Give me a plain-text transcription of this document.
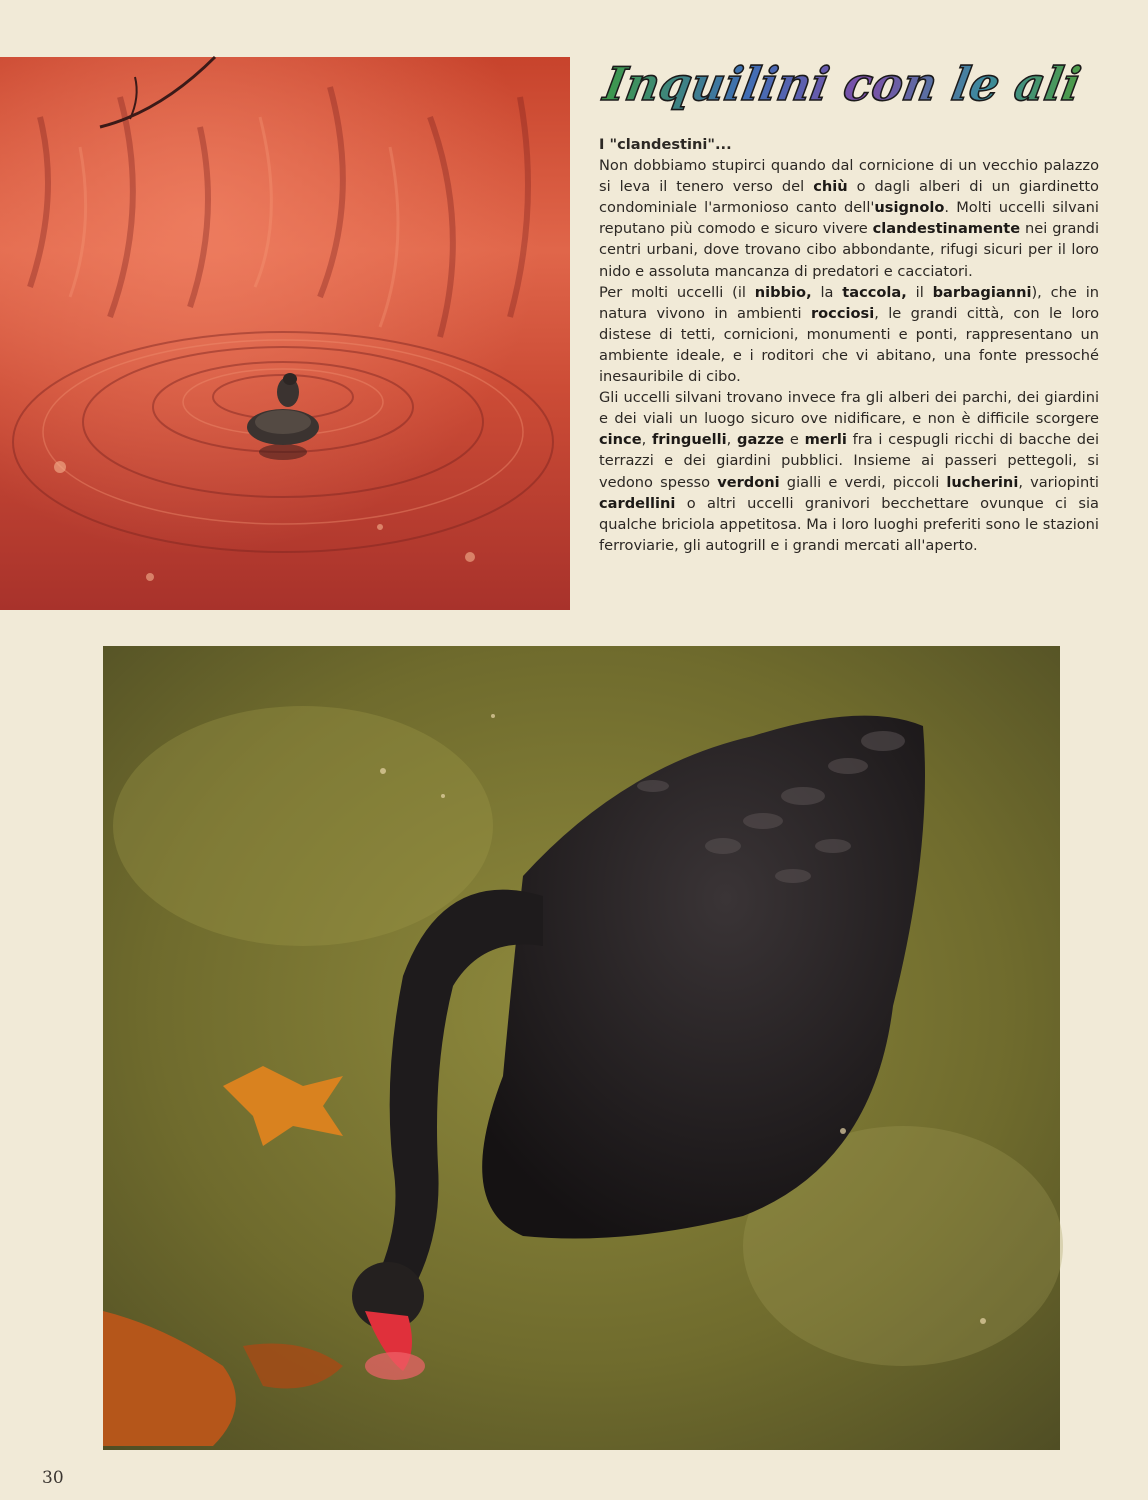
Inquilini con le ali

I "clandestini"...

Non dobbiamo stupirci quando dal cornicione di un vecchio palazzo si leva il tenero verso del chiù o dagli alberi di un giardinetto condominiale l'armonioso canto dell'usignolo. Molti uccelli silvani reputano più comodo e sicuro vivere clandestinamente nei grandi centri urbani, dove trovano cibo abbondante, rifugi sicuri per il loro nido e assoluta mancanza di predatori e cacciatori.

Per molti uccelli (il nibbio, la taccola, il barbagianni), che in natura vivono in ambienti rocciosi, le grandi città, con le loro distese di tetti, cornicioni, monumenti e ponti, rappresentano un ambiente ideale, e i roditori che vi abitano, una fonte pressoché inesauribile di cibo.

Gli uccelli silvani trovano invece fra gli alberi dei parchi, dei giardini e dei viali un luogo sicuro ove nidificare, e non è difficile scorgere cince, fringuelli, gazze e merli fra i cespugli ricchi di bacche dei terrazzi e dei giardini pubblici. Insieme ai passeri pettegoli, si vedono spesso verdoni gialli e verdi, piccoli lucherini, variopinti cardellini o altri uccelli granivori becchettare ovunque ci sia qualche briciola appetitosa. Ma i loro luoghi preferiti sono le stazioni ferroviarie, gli autogrill e i grandi mercati all'aperto.

30
